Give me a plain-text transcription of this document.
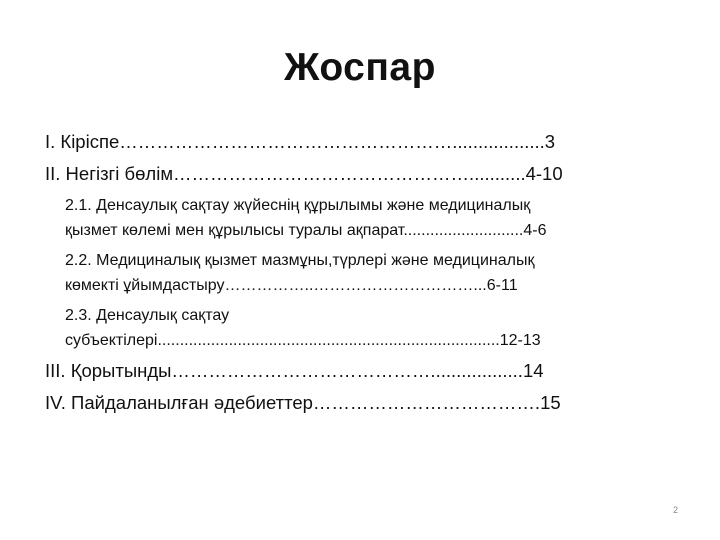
Жоспар
I. Кіріспе………………………………………………..................3
II. Негізгі бөлім…………………………………………...........4-10
2.1. Денсаулық сақтау жүйеснің құрылымы және медициналық
қызмет көлемі мен құрылысы туралы ақпарат...........................4-6
2.2. Медициналық қызмет мазмұны,түрлері және медициналық
көмекті ұйымдастыру……………..…………………………...6-11
2.3. Денсаулық сақтау
субъектілері.............................................................................12-13
III. Қорытынды……………………………………..................14
IV. Пайдаланылған әдебиеттер……………………………….15
2
